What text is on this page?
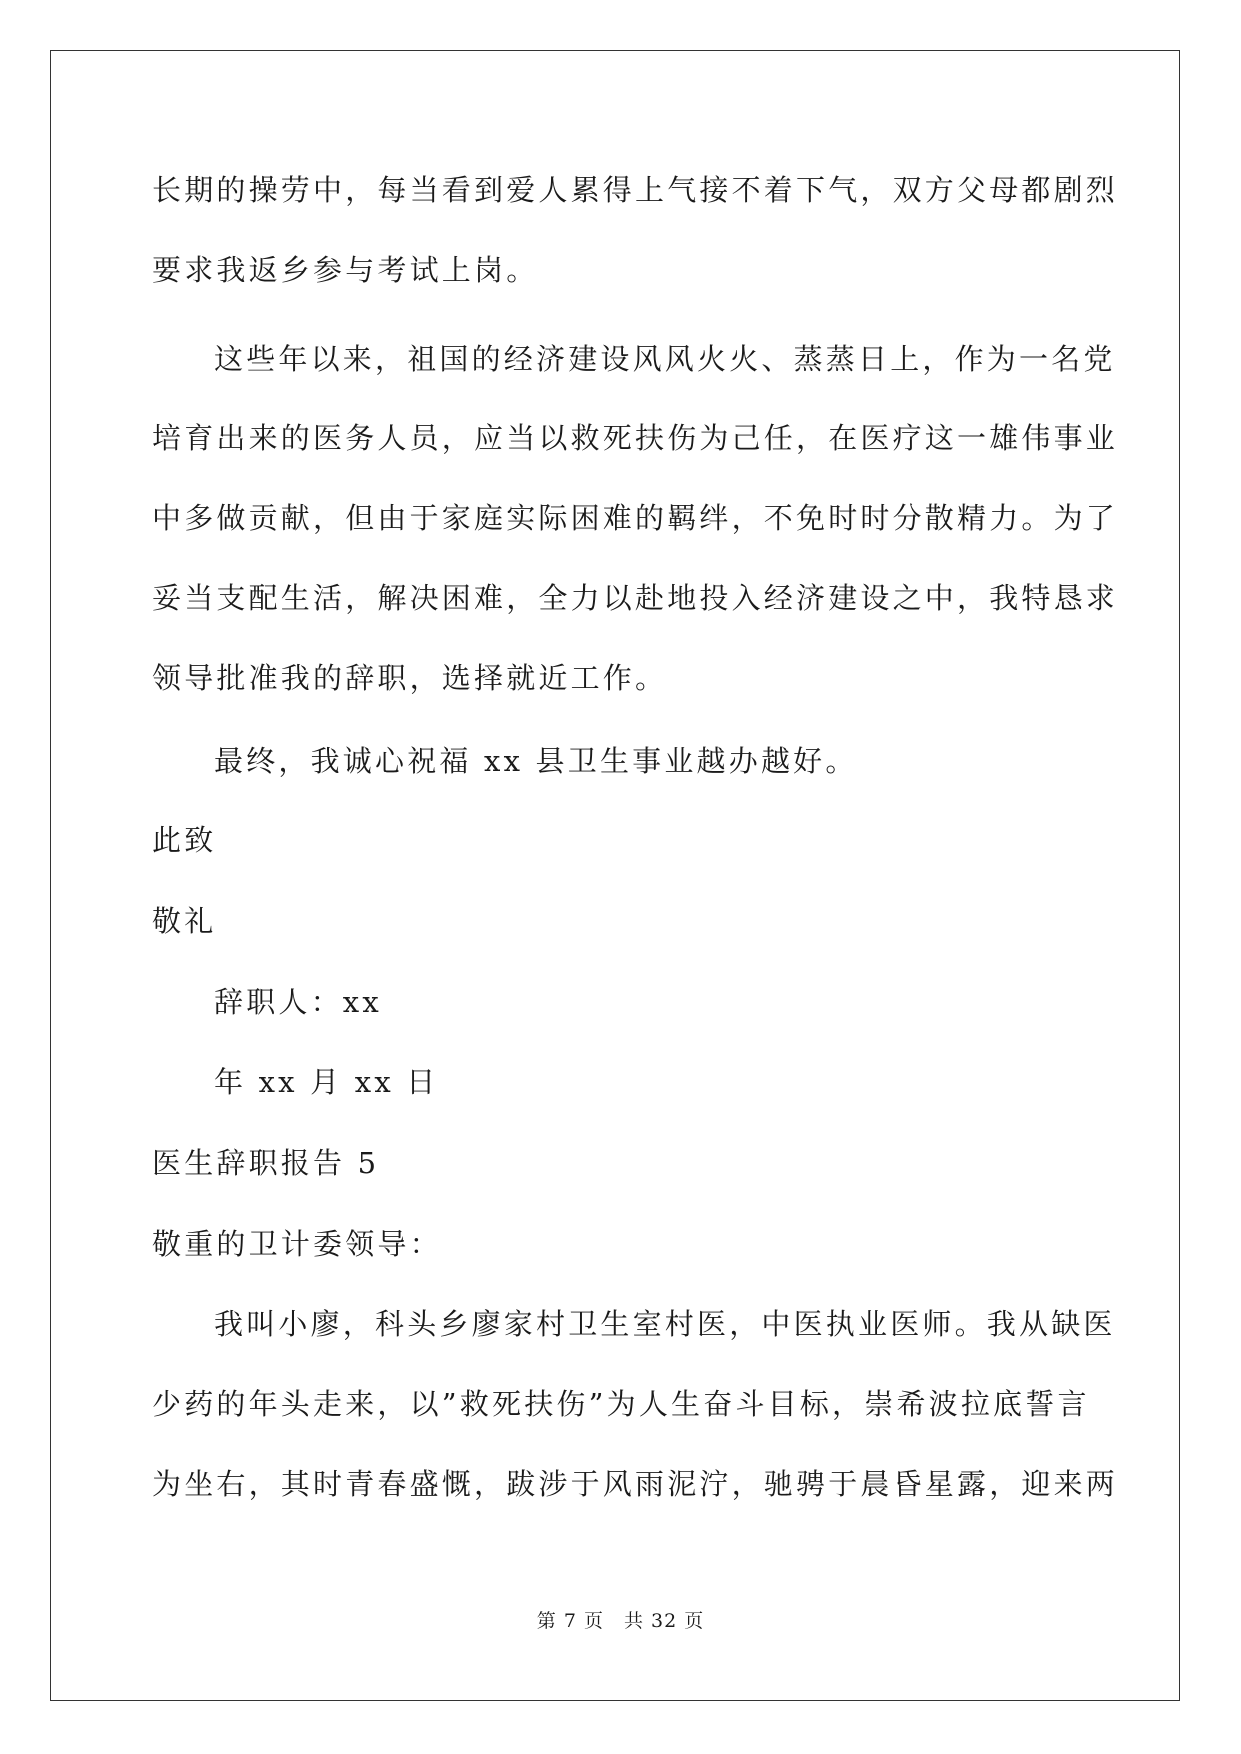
长期的操劳中，每当看到爱人累得上气接不着下气，双方父母都剧烈
要求我返乡参与考试上岗。
这些年以来，祖国的经济建设风风火火、蒸蒸日上，作为一名党
培育出来的医务人员，应当以救死扶伤为己任，在医疗这一雄伟事业
中多做贡献，但由于家庭实际困难的羁绊，不免时时分散精力。为了
妥当支配生活，解决困难，全力以赴地投入经济建设之中，我特恳求
领导批准我的辞职，选择就近工作。
最终，我诚心祝福 xx 县卫生事业越办越好。
此致
敬礼
辞职人：xx
年 xx 月 xx 日
医生辞职报告 5
敬重的卫计委领导：
我叫小廖，科头乡廖家村卫生室村医，中医执业医师。我从缺医
少药的年头走来，以”救死扶伤”为人生奋斗目标，崇希波拉底誓言
为坐右，其时青春盛慨，跋涉于风雨泥泞，驰骋于晨昏星露，迎来两
第 7 页　共 32 页
